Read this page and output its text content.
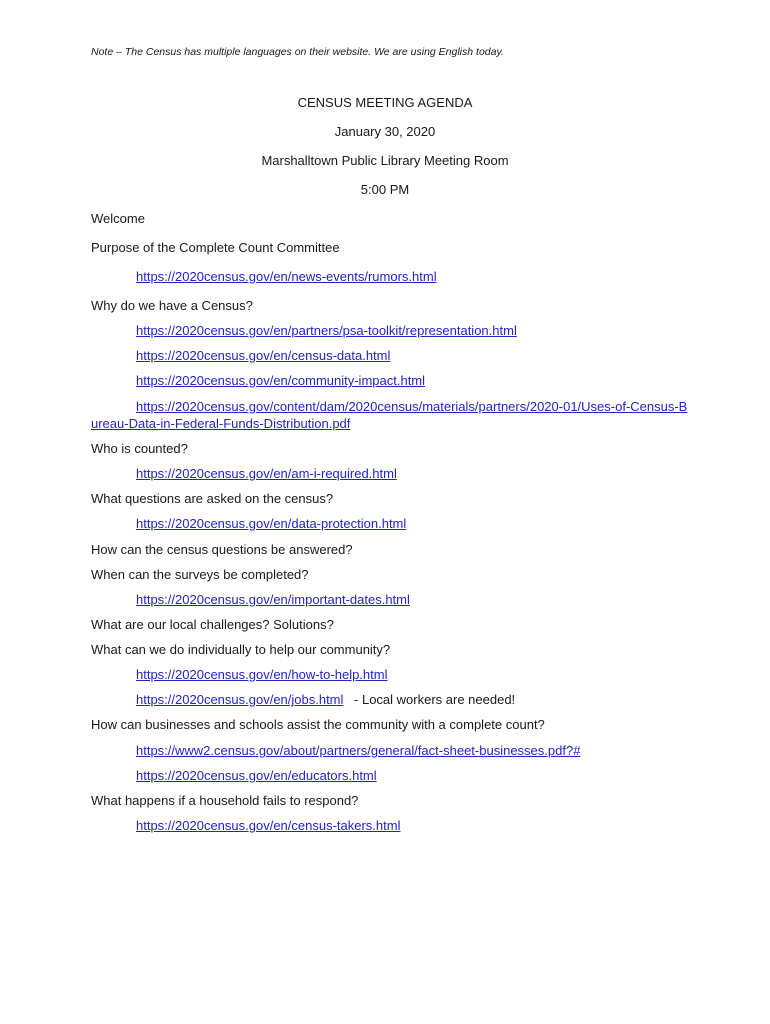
Note – The Census has multiple languages on their website. We are using English today.
CENSUS MEETING AGENDA
January 30, 2020
Marshalltown Public Library Meeting Room
5:00 PM
Welcome
Purpose of the Complete Count Committee
https://2020census.gov/en/news-events/rumors.html
Why do we have a Census?
https://2020census.gov/en/partners/psa-toolkit/representation.html
https://2020census.gov/en/census-data.html
https://2020census.gov/en/community-impact.html
https://2020census.gov/content/dam/2020census/materials/partners/2020-01/Uses-of-Census-Bureau-Data-in-Federal-Funds-Distribution.pdf
Who is counted?
https://2020census.gov/en/am-i-required.html
What questions are asked on the census?
https://2020census.gov/en/data-protection.html
How can the census questions be answered?
When can the surveys be completed?
https://2020census.gov/en/important-dates.html
What are our local challenges? Solutions?
What can we do individually to help our community?
https://2020census.gov/en/how-to-help.html
https://2020census.gov/en/jobs.html - Local workers are needed!
How can businesses and schools assist the community with a complete count?
https://www2.census.gov/about/partners/general/fact-sheet-businesses.pdf?#
https://2020census.gov/en/educators.html
What happens if a household fails to respond?
https://2020census.gov/en/census-takers.html
